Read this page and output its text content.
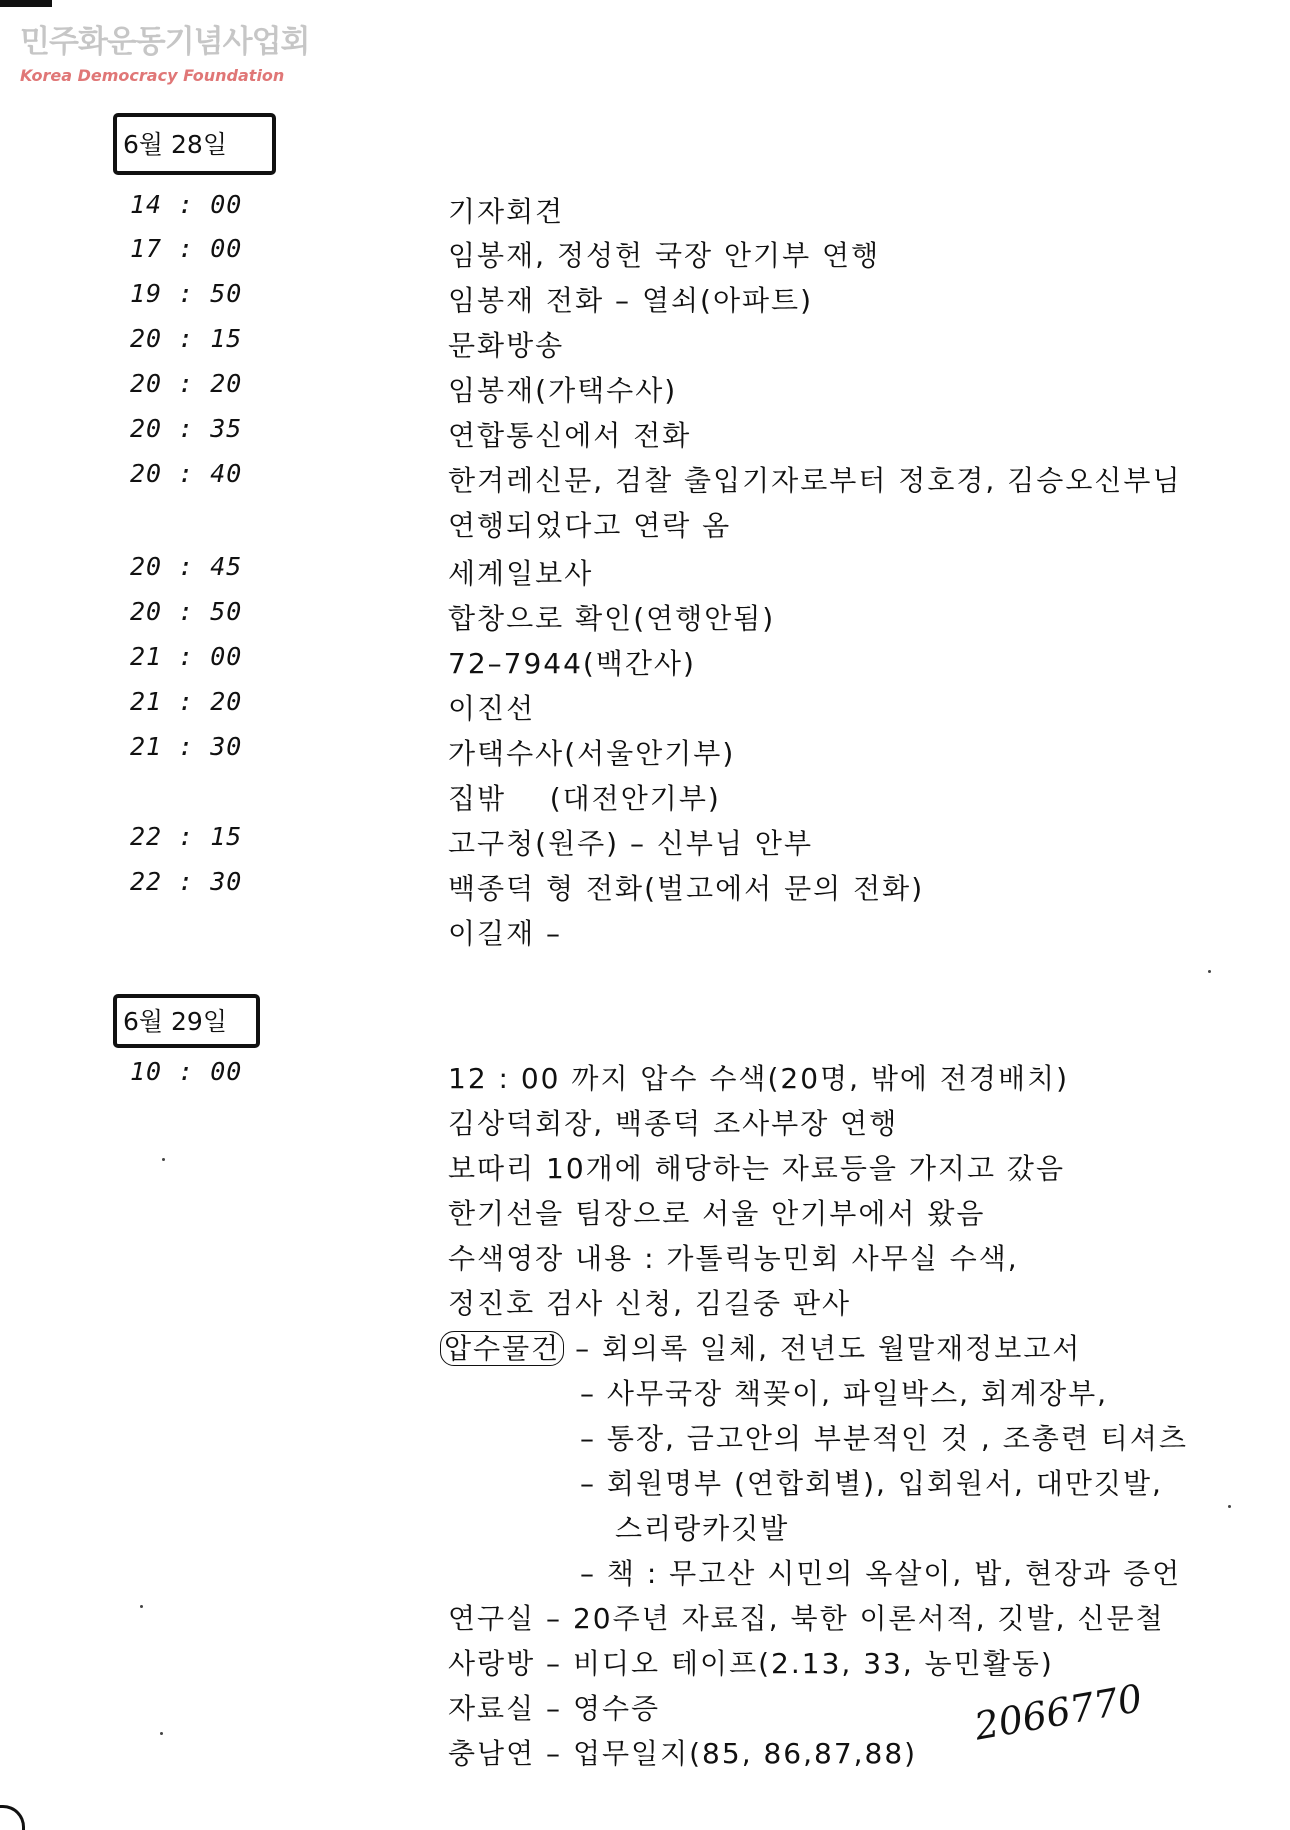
민주화운동기념사업회
Korea Democracy Foundation
6월 28일
14 : 00	기자회견
17 : 00	임봉재, 정성헌 국장 안기부 연행
19 : 50	임봉재 전화 – 열쇠(아파트)
20 : 15	문화방송
20 : 20	임봉재(가택수사)
20 : 35	연합통신에서 전화
20 : 40	한겨레신문, 검찰 출입기자로부터 정호경, 김승오신부님
연행되었다고 연락 옴
20 : 45	세계일보사
20 : 50	합창으로 확인(연행안됨)
21 : 00	72–7944(백간사)
21 : 20	이진선
21 : 30	가택수사(서울안기부)
집밖    (대전안기부)
22 : 15	고구청(원주) – 신부님 안부
22 : 30	백종덕 형 전화(벌고에서 문의 전화)
이길재 –
6월 29일
10 : 00	12 : 00 까지 압수 수색(20명, 밖에 전경배치)
김상덕회장, 백종덕 조사부장 연행
보따리 10개에 해당하는 자료등을 가지고 갔음
한기선을 팀장으로 서울 안기부에서 왔음
수색영장 내용 : 가톨릭농민회 사무실 수색,
정진호 검사 신청, 김길중 판사
압수물건 – 회의록 일체, 전년도 월말재정보고서
– 사무국장 책꽂이, 파일박스, 회계장부,
– 통장, 금고안의 부분적인 것 , 조총련 티셔츠
– 회원명부 (연합회별), 입회원서, 대만깃발,
스리랑카깃발
– 책 : 무고산 시민의 옥살이, 밥, 현장과 증언
연구실 – 20주년 자료집, 북한 이론서적, 깃발, 신문철
사랑방 – 비디오 테이프(2.13, 33, 농민활동)
자료실 – 영수증
충남연 – 업무일지(85, 86,87,88)
2066770
